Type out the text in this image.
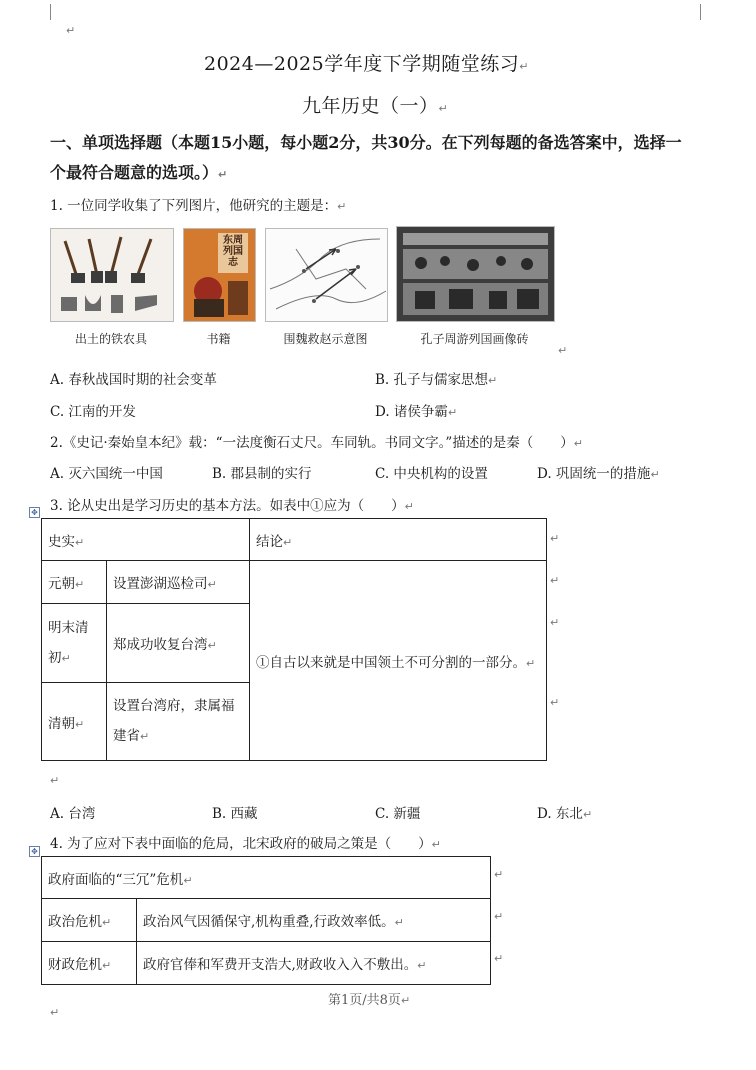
↵
2024—2025学年度下学期随堂练习↵
九年历史（一）↵
一、单项选择题（本题15小题，每小题2分，共30分。在下列每题的备选答案中，选择一
个最符合题意的选项。）↵
1. 一位同学收集了下列图片，他研究的主题是：↵
出土的铁农具
东周列国志
书籍	围魏救赵示意图	孔子周游列国画像砖
↵
A. 春秋战国时期的社会变革	B. 孔子与儒家思想↵
C. 江南的开发	D. 诸侯争霸↵
2.《史记·秦始皇本纪》载：“一法度衡石丈尺。车同轨。书同文字。”描述的是秦（　　）↵
A. 灭六国统一中国	B. 郡县制的实行	C. 中央机构的设置	D. 巩固统一的措施↵
✥ 3. 论从史出是学习历史的基本方法。如表中①应为（　　）↵
史实↵		结论↵
元朝↵	设置澎湖巡检司↵	①自古以来就是中国领土不可分割的一部分。↵
明末清
初↵	郑成功收复台湾↵	
清朝↵	设置台湾府，隶属福
建省↵	
↵
↵
↵
↵
↵
A. 台湾	B. 西藏	C. 新疆	D. 东北↵
✥ 4. 为了应对下表中面临的危局，北宋政府的破局之策是（　　）↵
政府面临的“三冗”危机↵	
政治危机↵	政治风气因循保守,机构重叠,行政效率低。↵
财政危机↵	政府官俸和军费开支浩大,财政收入入不敷出。↵
↵
↵
↵
第1页/共8页↵
↵
